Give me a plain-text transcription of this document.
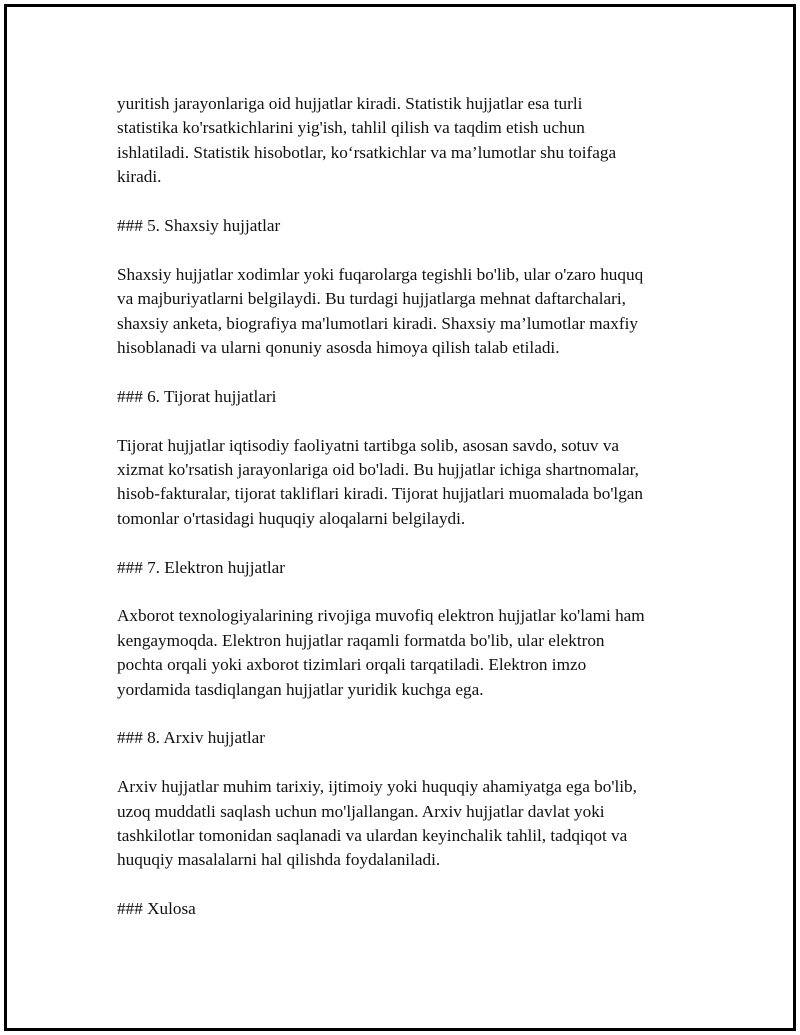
yuritish jarayonlariga oid hujjatlar kiradi. Statistik hujjatlar esa turli
statistika ko'rsatkichlarini yig'ish, tahlil qilish va taqdim etish uchun
ishlatiladi. Statistik hisobotlar, ko‘rsatkichlar va ma’lumotlar shu toifaga
kiradi.

### 5. Shaxsiy hujjatlar

Shaxsiy hujjatlar xodimlar yoki fuqarolarga tegishli bo'lib, ular o'zaro huquq
va majburiyatlarni belgilaydi. Bu turdagi hujjatlarga mehnat daftarchalari,
shaxsiy anketa, biografiya ma'lumotlari kiradi. Shaxsiy ma’lumotlar maxfiy
hisoblanadi va ularni qonuniy asosda himoya qilish talab etiladi.

### 6. Tijorat hujjatlari

Tijorat hujjatlar iqtisodiy faoliyatni tartibga solib, asosan savdo, sotuv va
xizmat ko'rsatish jarayonlariga oid bo'ladi. Bu hujjatlar ichiga shartnomalar,
hisob-fakturalar, tijorat takliflari kiradi. Tijorat hujjatlari muomalada bo'lgan
tomonlar o'rtasidagi huquqiy aloqalarni belgilaydi.

### 7. Elektron hujjatlar

Axborot texnologiyalarining rivojiga muvofiq elektron hujjatlar ko'lami ham
kengaymoqda. Elektron hujjatlar raqamli formatda bo'lib, ular elektron
pochta orqali yoki axborot tizimlari orqali tarqatiladi. Elektron imzo
yordamida tasdiqlangan hujjatlar yuridik kuchga ega.

### 8. Arxiv hujjatlar

Arxiv hujjatlar muhim tarixiy, ijtimoiy yoki huquqiy ahamiyatga ega bo'lib,
uzoq muddatli saqlash uchun mo'ljallangan. Arxiv hujjatlar davlat yoki
tashkilotlar tomonidan saqlanadi va ulardan keyinchalik tahlil, tadqiqot va
huquqiy masalalarni hal qilishda foydalaniladi.

### Xulosa
